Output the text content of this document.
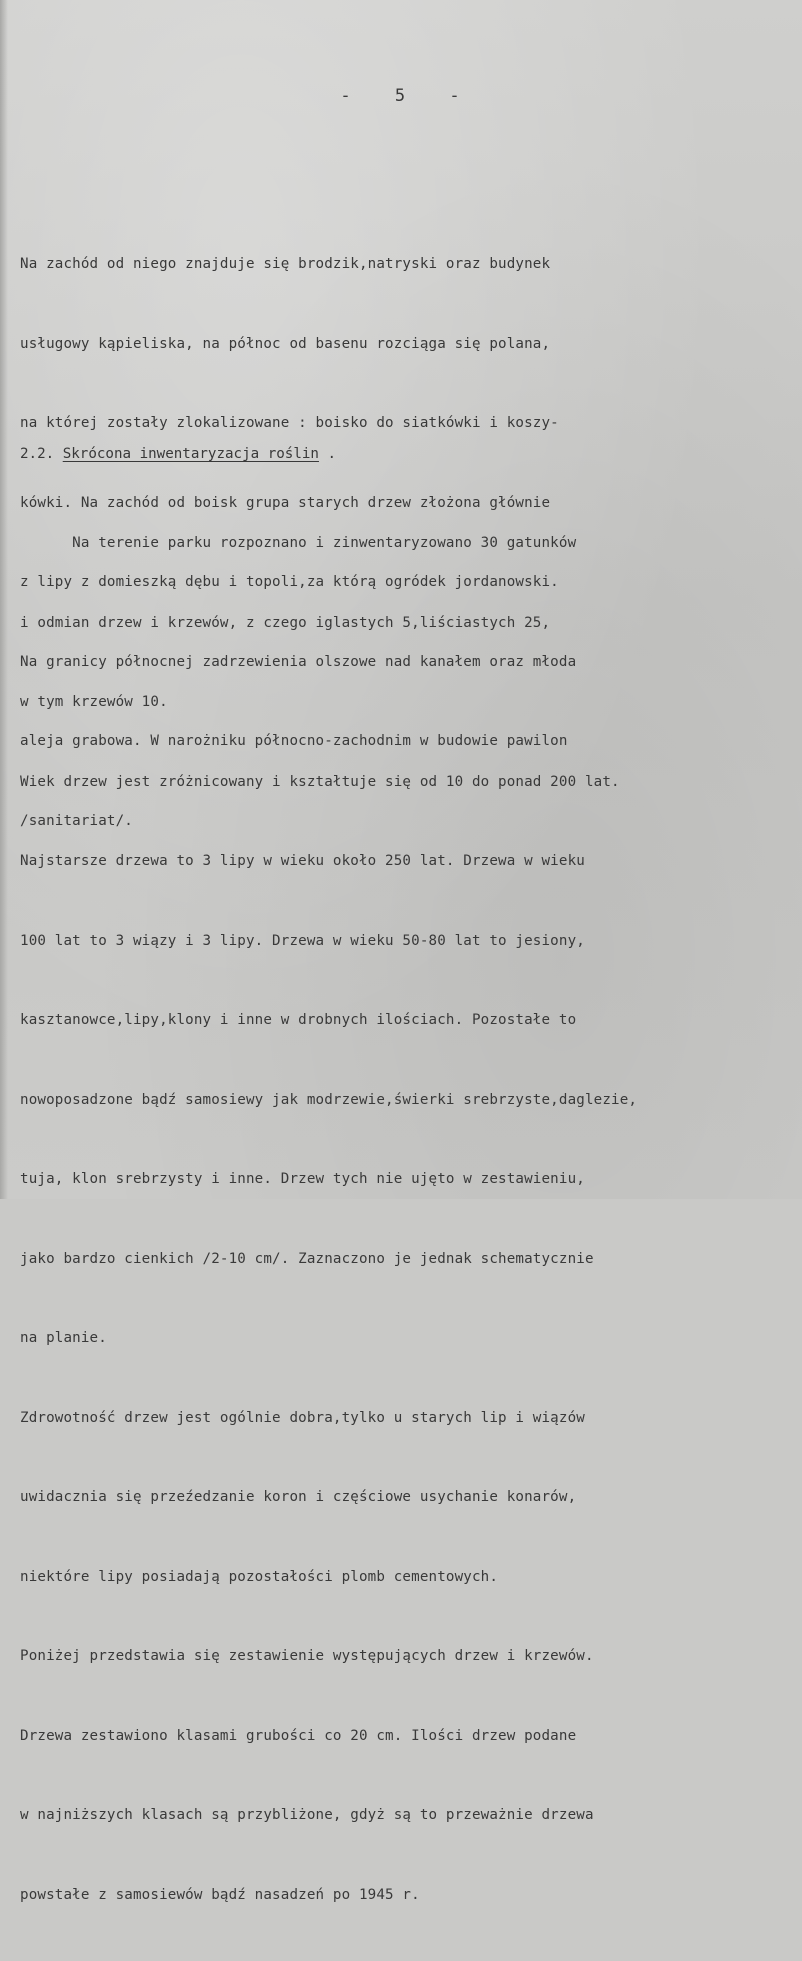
- 5 -

Na zachód od niego znajduje się brodzik,natryski oraz budynek

usługowy kąpieliska, na północ od basenu rozciąga się polana,

na której zostały zlokalizowane : boisko do siatkówki i koszy-

kówki. Na zachód od boisk grupa starych drzew złożona głównie

z lipy z domieszką dębu i topoli,za którą ogródek jordanowski.

Na granicy północnej zadrzewienia olszowe nad kanałem oraz młoda

aleja grabowa. W narożniku północno-zachodnim w budowie pawilon

/sanitariat/.

2.2. Skrócona inwentaryzacja roślin .

Na terenie parku rozpoznano i zinwentaryzowano 30 gatunków

i odmian drzew i krzewów, z czego iglastych 5,liściastych 25,

w tym krzewów 10.

Wiek drzew jest zróżnicowany i kształtuje się od 10 do ponad 200 lat.

Najstarsze drzewa to 3 lipy w wieku około 250 lat. Drzewa w wieku

100 lat to 3 wiązy i 3 lipy. Drzewa w wieku 50-80 lat to jesiony,

kasztanowce,lipy,klony i inne w drobnych ilościach. Pozostałe to

nowoposadzone bądź samosiewy jak modrzewie,świerki srebrzyste,daglezie,

tuja, klon srebrzysty i inne. Drzew tych nie ujęto w zestawieniu,

jako bardzo cienkich /2-10 cm/. Zaznaczono je jednak schematycznie

na planie.

Zdrowotność drzew jest ogólnie dobra,tylko u starych lip i wiązów

uwidacznia się przeźedzanie koron i częściowe usychanie konarów,

niektóre lipy posiadają pozostałości plomb cementowych.

Poniżej przedstawia się zestawienie występujących drzew i krzewów.

Drzewa zestawiono klasami grubości co 20 cm. Ilości drzew podane

w najniższych klasach są przybliżone, gdyż są to przeważnie drzewa

powstałe z samosiewów bądź nasadzeń po 1945 r.
